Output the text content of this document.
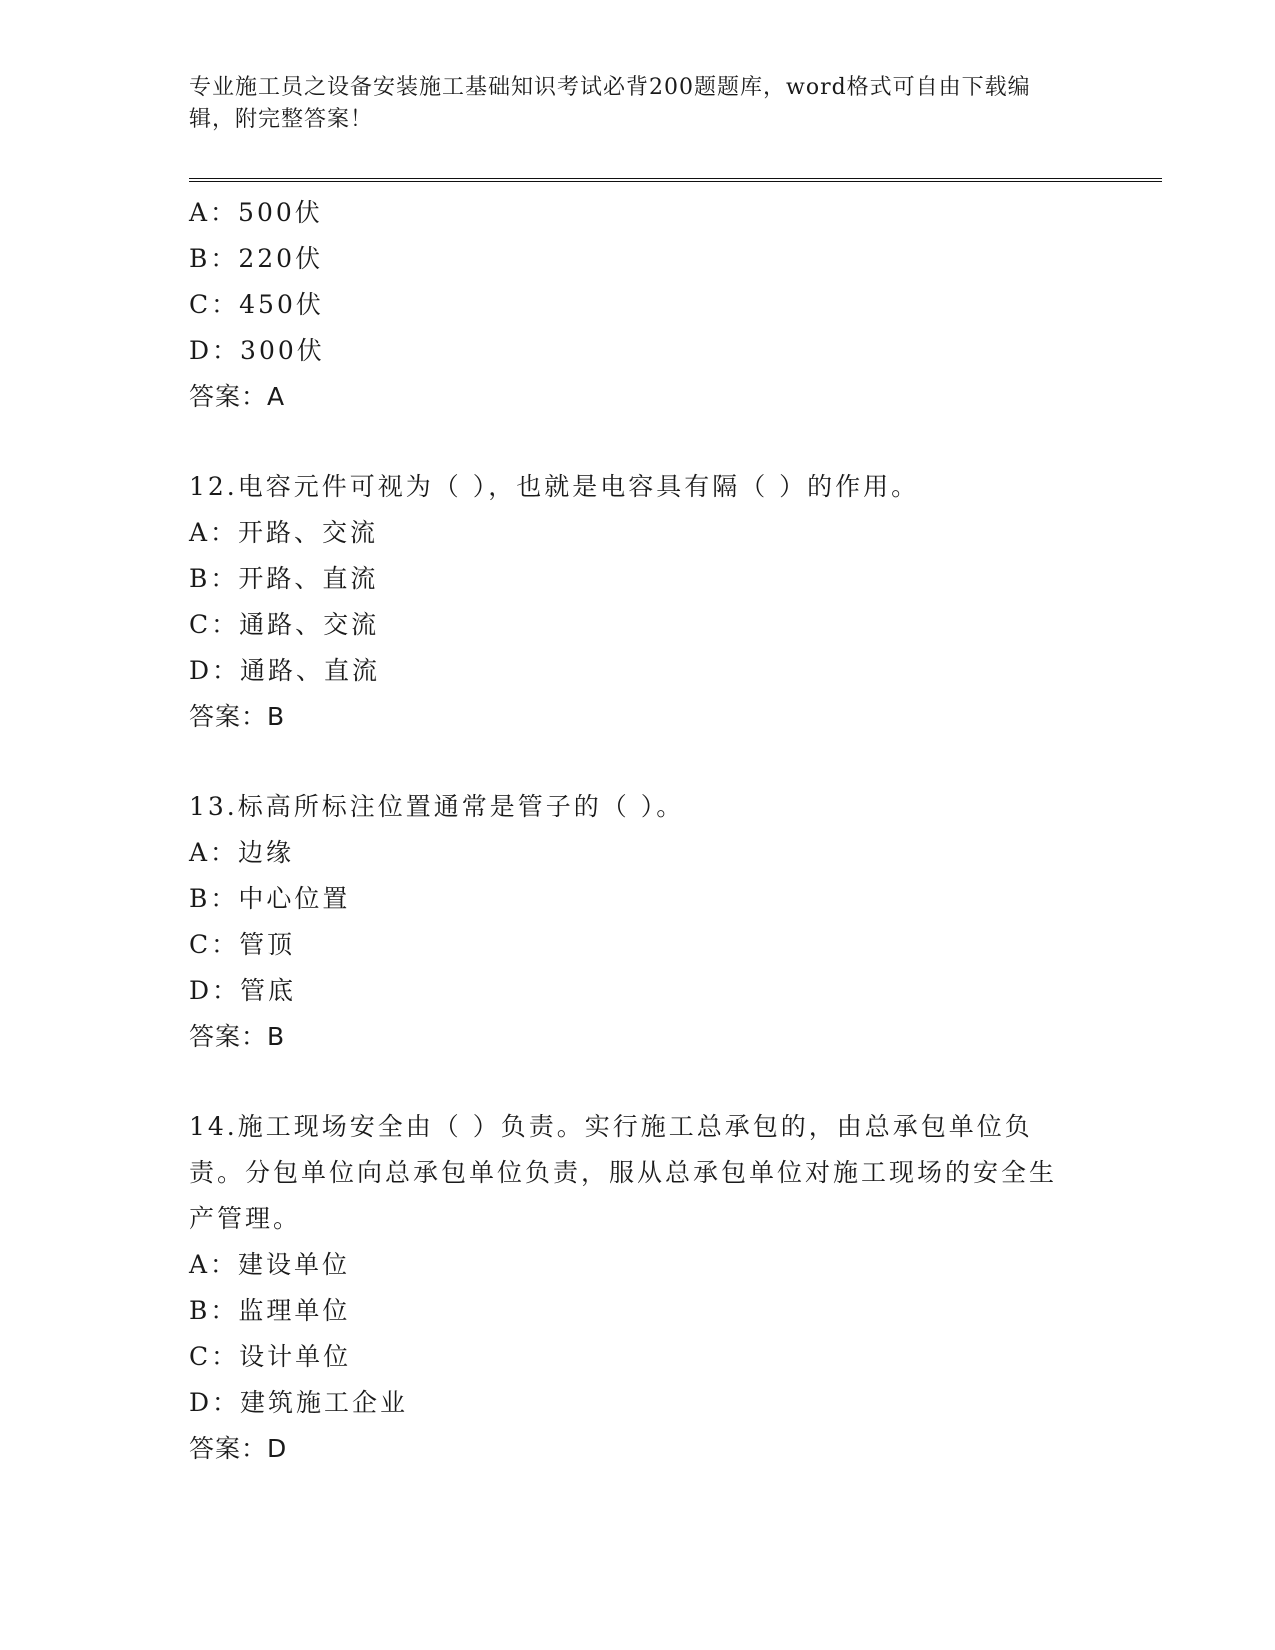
专业施工员之设备安装施工基础知识考试必背200题题库，word格式可自由下载编辑，附完整答案！
A：500伏
B：220伏
C：450伏
D：300伏
答案：A
12.电容元件可视为（ ），也就是电容具有隔（ ）的作用。
A：开路、交流
B：开路、直流
C：通路、交流
D：通路、直流
答案：B
13.标高所标注位置通常是管子的（ ）。
A：边缘
B：中心位置
C：管顶
D：管底
答案：B
14.施工现场安全由（ ）负责。实行施工总承包的，由总承包单位负责。分包单位向总承包单位负责，服从总承包单位对施工现场的安全生产管理。
A：建设单位
B：监理单位
C：设计单位
D：建筑施工企业
答案：D
